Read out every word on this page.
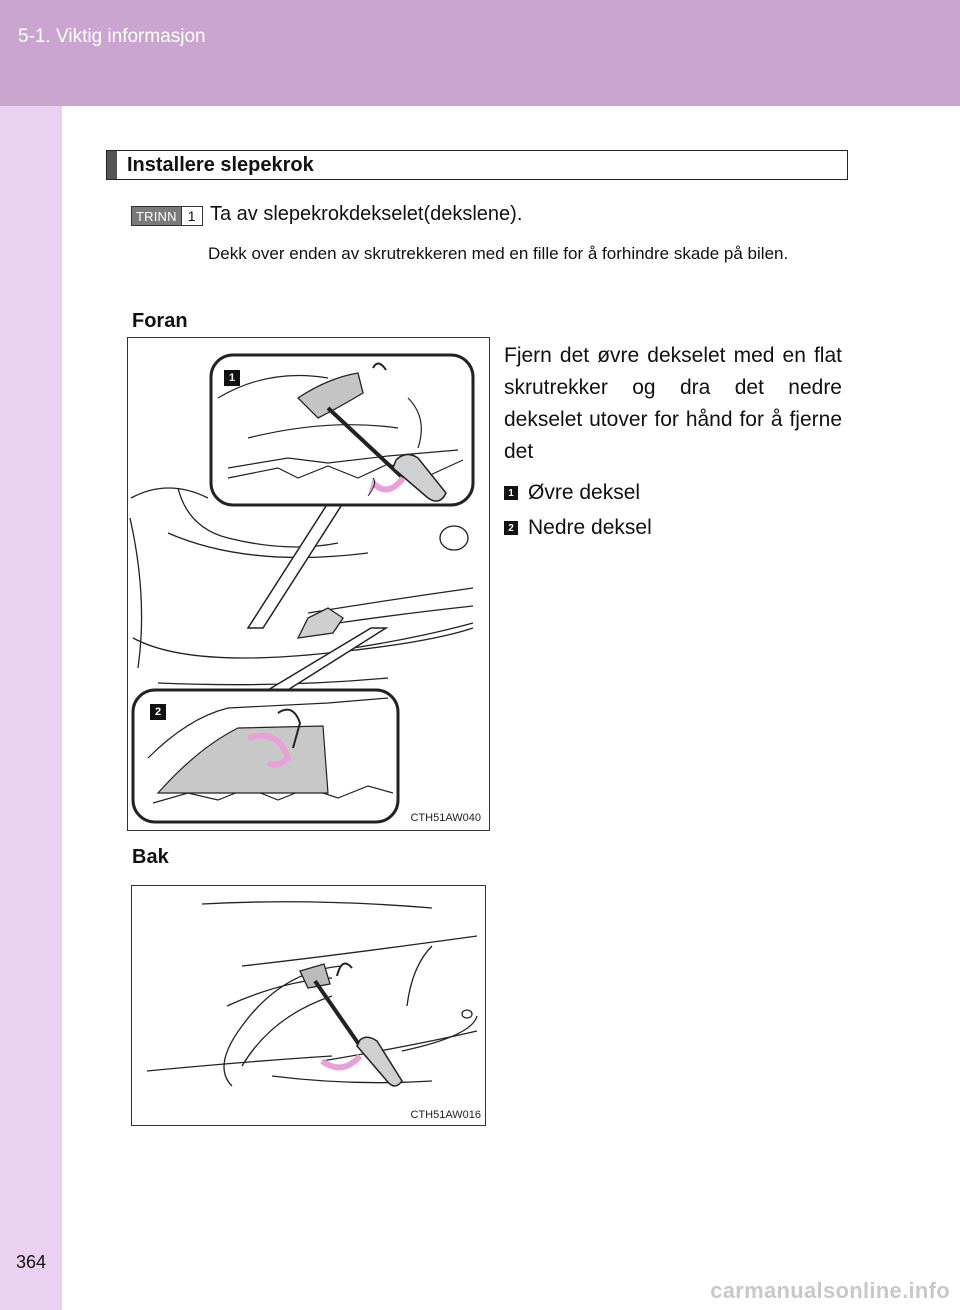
5-1. Viktig informasjon
Installere slepekrok
TRINN 1 Ta av slepekrokdekselet(dekslene).
Dekk over enden av skrutrekkeren med en fille for å forhindre skade på bilen.
Foran
1
2
CTH51AW040
Fjern det øvre dekselet med en flat skrutrekker og dra det nedre dekselet utover for hånd for å fjerne det
1 Øvre deksel
2 Nedre deksel
Bak
CTH51AW016
364
carmanualsonline.info
